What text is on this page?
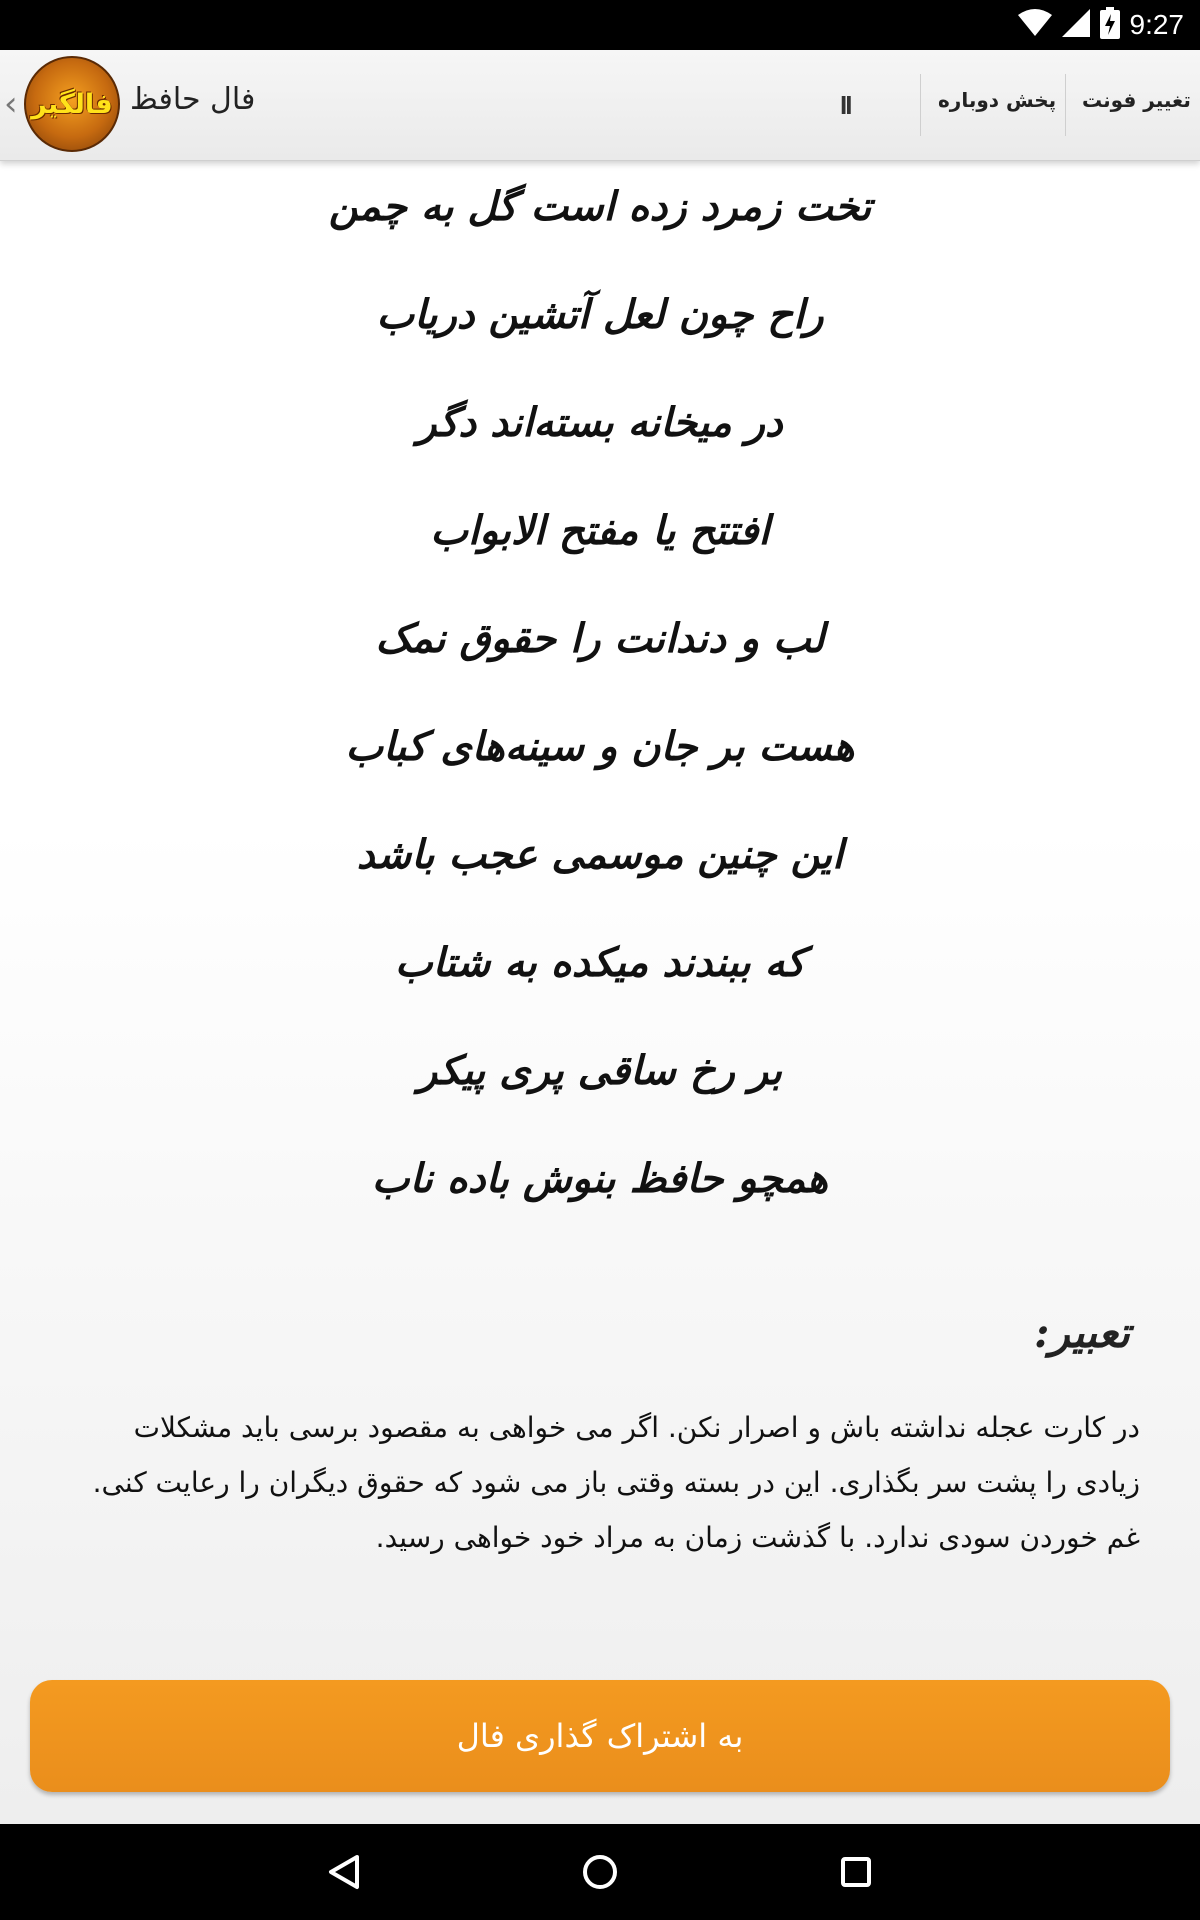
9:27
‹ فالگیر فال حافظ	II	پخش دوباره تغییر فونت
تخت زمرد زده است گل به چمن
راح چون لعل آتشین دریاب
در میخانه بسته‌اند دگر
افتتح یا مفتح الابواب
لب و دندانت را حقوق نمک
هست بر جان و سینه‌های کباب
این چنین موسمی عجب باشد
که ببندند میکده به شتاب
بر رخ ساقی پری پیکر
همچو حافظ بنوش باده ناب
تعبیر:

در کارت عجله نداشته باش و اصرار نکن. اگر می خواهی به مقصود برسی باید مشکلات زیادی را پشت سر بگذاری. این در بسته وقتی باز می شود که حقوق دیگران را رعایت کنی. غم خوردن سودی ندارد. با گذشت زمان به مراد خود خواهی رسید.

به اشتراک گذاری فال
